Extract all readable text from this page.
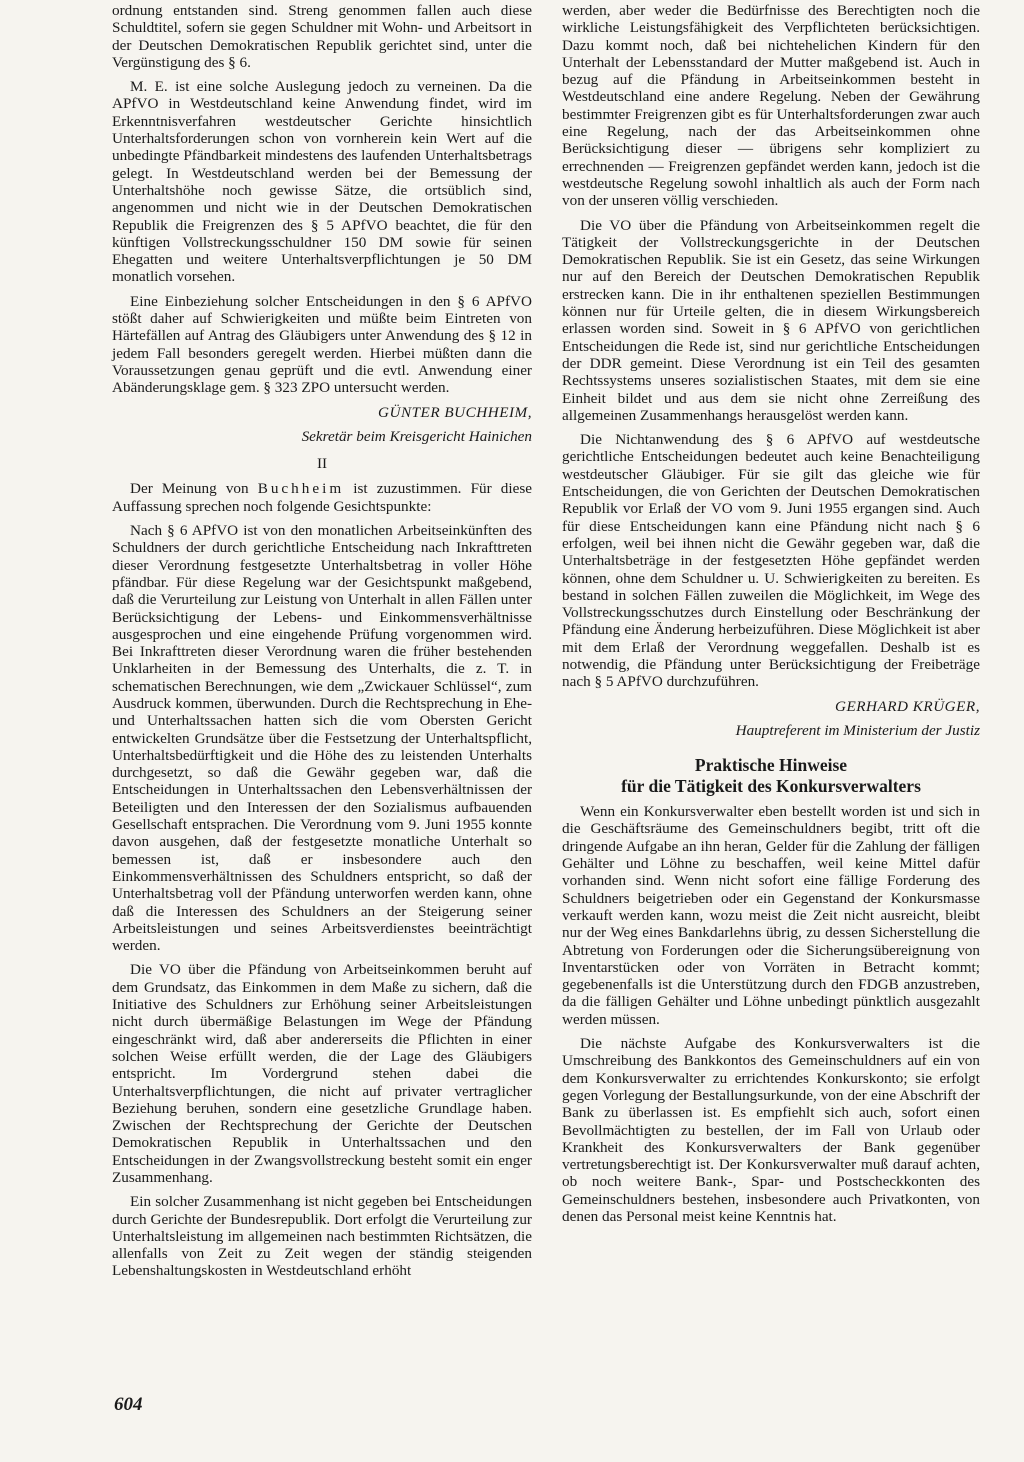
ordnung entstanden sind. Streng genommen fallen auch diese Schuldtitel, sofern sie gegen Schuldner mit Wohn- und Arbeitsort in der Deutschen Demokratischen Republik gerichtet sind, unter die Vergünstigung des § 6.

M. E. ist eine solche Auslegung jedoch zu verneinen. Da die APfVO in Westdeutschland keine Anwendung findet, wird im Erkenntnisverfahren westdeutscher Gerichte hinsichtlich Unterhaltsforderungen schon von vornherein kein Wert auf die unbedingte Pfändbarkeit mindestens des laufenden Unterhaltsbetrags gelegt. In Westdeutschland werden bei der Bemessung der Unterhaltshöhe noch gewisse Sätze, die ortsüblich sind, angenommen und nicht wie in der Deutschen Demokratischen Republik die Freigrenzen des § 5 APfVO beachtet, die für den künftigen Vollstreckungsschuldner 150 DM sowie für seinen Ehegatten und weitere Unterhaltsverpflichtungen je 50 DM monatlich vorsehen.

Eine Einbeziehung solcher Entscheidungen in den § 6 APfVO stößt daher auf Schwierigkeiten und müßte beim Eintreten von Härtefällen auf Antrag des Gläubigers unter Anwendung des § 12 in jedem Fall besonders geregelt werden. Hierbei müßten dann die Voraussetzungen genau geprüft und die evtl. Anwendung einer Abänderungsklage gem. § 323 ZPO untersucht werden.

GÜNTER BUCHHEIM,

Sekretär beim Kreisgericht Hainichen

II

Der Meinung von Buchheim ist zuzustimmen. Für diese Auffassung sprechen noch folgende Gesichtspunkte:

Nach § 6 APfVO ist von den monatlichen Arbeitseinkünften des Schuldners der durch gerichtliche Entscheidung nach Inkrafttreten dieser Verordnung festgesetzte Unterhaltsbetrag in voller Höhe pfändbar. Für diese Regelung war der Gesichtspunkt maßgebend, daß die Verurteilung zur Leistung von Unterhalt in allen Fällen unter Berücksichtigung der Lebens- und Einkommensverhältnisse ausgesprochen und eine eingehende Prüfung vorgenommen wird. Bei Inkrafttreten dieser Verordnung waren die früher bestehenden Unklarheiten in der Bemessung des Unterhalts, die z. T. in schematischen Berechnungen, wie dem „Zwickauer Schlüssel“, zum Ausdruck kommen, überwunden. Durch die Rechtsprechung in Ehe- und Unterhaltssachen hatten sich die vom Obersten Gericht entwickelten Grundsätze über die Festsetzung der Unterhaltspflicht, Unterhaltsbedürftigkeit und die Höhe des zu leistenden Unterhalts durchgesetzt, so daß die Gewähr gegeben war, daß die Entscheidungen in Unterhaltssachen den Lebensverhältnissen der Beteiligten und den Interessen der den Sozialismus aufbauenden Gesellschaft entsprachen. Die Verordnung vom 9. Juni 1955 konnte davon ausgehen, daß der festgesetzte monatliche Unterhalt so bemessen ist, daß er insbesondere auch den Einkommensverhältnissen des Schuldners entspricht, so daß der Unterhaltsbetrag voll der Pfändung unterworfen werden kann, ohne daß die Interessen des Schuldners an der Steigerung seiner Arbeitsleistungen und seines Arbeitsverdienstes beeinträchtigt werden.

Die VO über die Pfändung von Arbeitseinkommen beruht auf dem Grundsatz, das Einkommen in dem Maße zu sichern, daß die Initiative des Schuldners zur Erhöhung seiner Arbeitsleistungen nicht durch übermäßige Belastungen im Wege der Pfändung eingeschränkt wird, daß aber andererseits die Pflichten in einer solchen Weise erfüllt werden, die der Lage des Gläubigers entspricht. Im Vordergrund stehen dabei die Unterhaltsverpflichtungen, die nicht auf privater vertraglicher Beziehung beruhen, sondern eine gesetzliche Grundlage haben. Zwischen der Rechtsprechung der Gerichte der Deutschen Demokratischen Republik in Unterhaltssachen und den Entscheidungen in der Zwangsvollstreckung besteht somit ein enger Zusammenhang.

Ein solcher Zusammenhang ist nicht gegeben bei Entscheidungen durch Gerichte der Bundesrepublik. Dort erfolgt die Verurteilung zur Unterhaltsleistung im allgemeinen nach bestimmten Richtsätzen, die allenfalls von Zeit zu Zeit wegen der ständig steigenden Lebenshaltungskosten in Westdeutschland erhöht

werden, aber weder die Bedürfnisse des Berechtigten noch die wirkliche Leistungsfähigkeit des Verpflichteten berücksichtigen. Dazu kommt noch, daß bei nichtehelichen Kindern für den Unterhalt der Lebensstandard der Mutter maßgebend ist. Auch in bezug auf die Pfändung in Arbeitseinkommen besteht in Westdeutschland eine andere Regelung. Neben der Gewährung bestimmter Freigrenzen gibt es für Unterhaltsforderungen zwar auch eine Regelung, nach der das Arbeitseinkommen ohne Berücksichtigung dieser — übrigens sehr kompliziert zu errechnenden — Freigrenzen gepfändet werden kann, jedoch ist die westdeutsche Regelung sowohl inhaltlich als auch der Form nach von der unseren völlig verschieden.

Die VO über die Pfändung von Arbeitseinkommen regelt die Tätigkeit der Vollstreckungsgerichte in der Deutschen Demokratischen Republik. Sie ist ein Gesetz, das seine Wirkungen nur auf den Bereich der Deutschen Demokratischen Republik erstrecken kann. Die in ihr enthaltenen speziellen Bestimmungen können nur für Urteile gelten, die in diesem Wirkungsbereich erlassen worden sind. Soweit in § 6 APfVO von gerichtlichen Entscheidungen die Rede ist, sind nur gerichtliche Entscheidungen der DDR gemeint. Diese Verordnung ist ein Teil des gesamten Rechtssystems unseres sozialistischen Staates, mit dem sie eine Einheit bildet und aus dem sie nicht ohne Zerreißung des allgemeinen Zusammenhangs herausgelöst werden kann.

Die Nichtanwendung des § 6 APfVO auf westdeutsche gerichtliche Entscheidungen bedeutet auch keine Benachteiligung westdeutscher Gläubiger. Für sie gilt das gleiche wie für Entscheidungen, die von Gerichten der Deutschen Demokratischen Republik vor Erlaß der VO vom 9. Juni 1955 ergangen sind. Auch für diese Entscheidungen kann eine Pfändung nicht nach § 6 erfolgen, weil bei ihnen nicht die Gewähr gegeben war, daß die Unterhaltsbeträge in der festgesetzten Höhe gepfändet werden können, ohne dem Schuldner u. U. Schwierigkeiten zu bereiten. Es bestand in solchen Fällen zuweilen die Möglichkeit, im Wege des Vollstreckungsschutzes durch Einstellung oder Beschränkung der Pfändung eine Änderung herbeizuführen. Diese Möglichkeit ist aber mit dem Erlaß der Verordnung weggefallen. Deshalb ist es notwendig, die Pfändung unter Berücksichtigung der Freibeträge nach § 5 APfVO durchzuführen.

GERHARD KRÜGER,

Hauptreferent im Ministerium der Justiz

Praktische Hinweise
für die Tätigkeit des Konkursverwalters

Wenn ein Konkursverwalter eben bestellt worden ist und sich in die Geschäftsräume des Gemeinschuldners begibt, tritt oft die dringende Aufgabe an ihn heran, Gelder für die Zahlung der fälligen Gehälter und Löhne zu beschaffen, weil keine Mittel dafür vorhanden sind. Wenn nicht sofort eine fällige Forderung des Schuldners beigetrieben oder ein Gegenstand der Konkursmasse verkauft werden kann, wozu meist die Zeit nicht ausreicht, bleibt nur der Weg eines Bankdarlehns übrig, zu dessen Sicherstellung die Abtretung von Forderungen oder die Sicherungsübereignung von Inventarstücken oder von Vorräten in Betracht kommt; gegebenenfalls ist die Unterstützung durch den FDGB anzustreben, da die fälligen Gehälter und Löhne unbedingt pünktlich ausgezahlt werden müssen.

Die nächste Aufgabe des Konkursverwalters ist die Umschreibung des Bankkontos des Gemeinschuldners auf ein von dem Konkursverwalter zu errichtendes Konkurskonto; sie erfolgt gegen Vorlegung der Bestallungsurkunde, von der eine Abschrift der Bank zu überlassen ist. Es empfiehlt sich auch, sofort einen Bevollmächtigten zu bestellen, der im Fall von Urlaub oder Krankheit des Konkursverwalters der Bank gegenüber vertretungsberechtigt ist. Der Konkursverwalter muß darauf achten, ob noch weitere Bank-, Spar- und Postscheckkonten des Gemeinschuldners bestehen, insbesondere auch Privatkonten, von denen das Personal meist keine Kenntnis hat.

604
